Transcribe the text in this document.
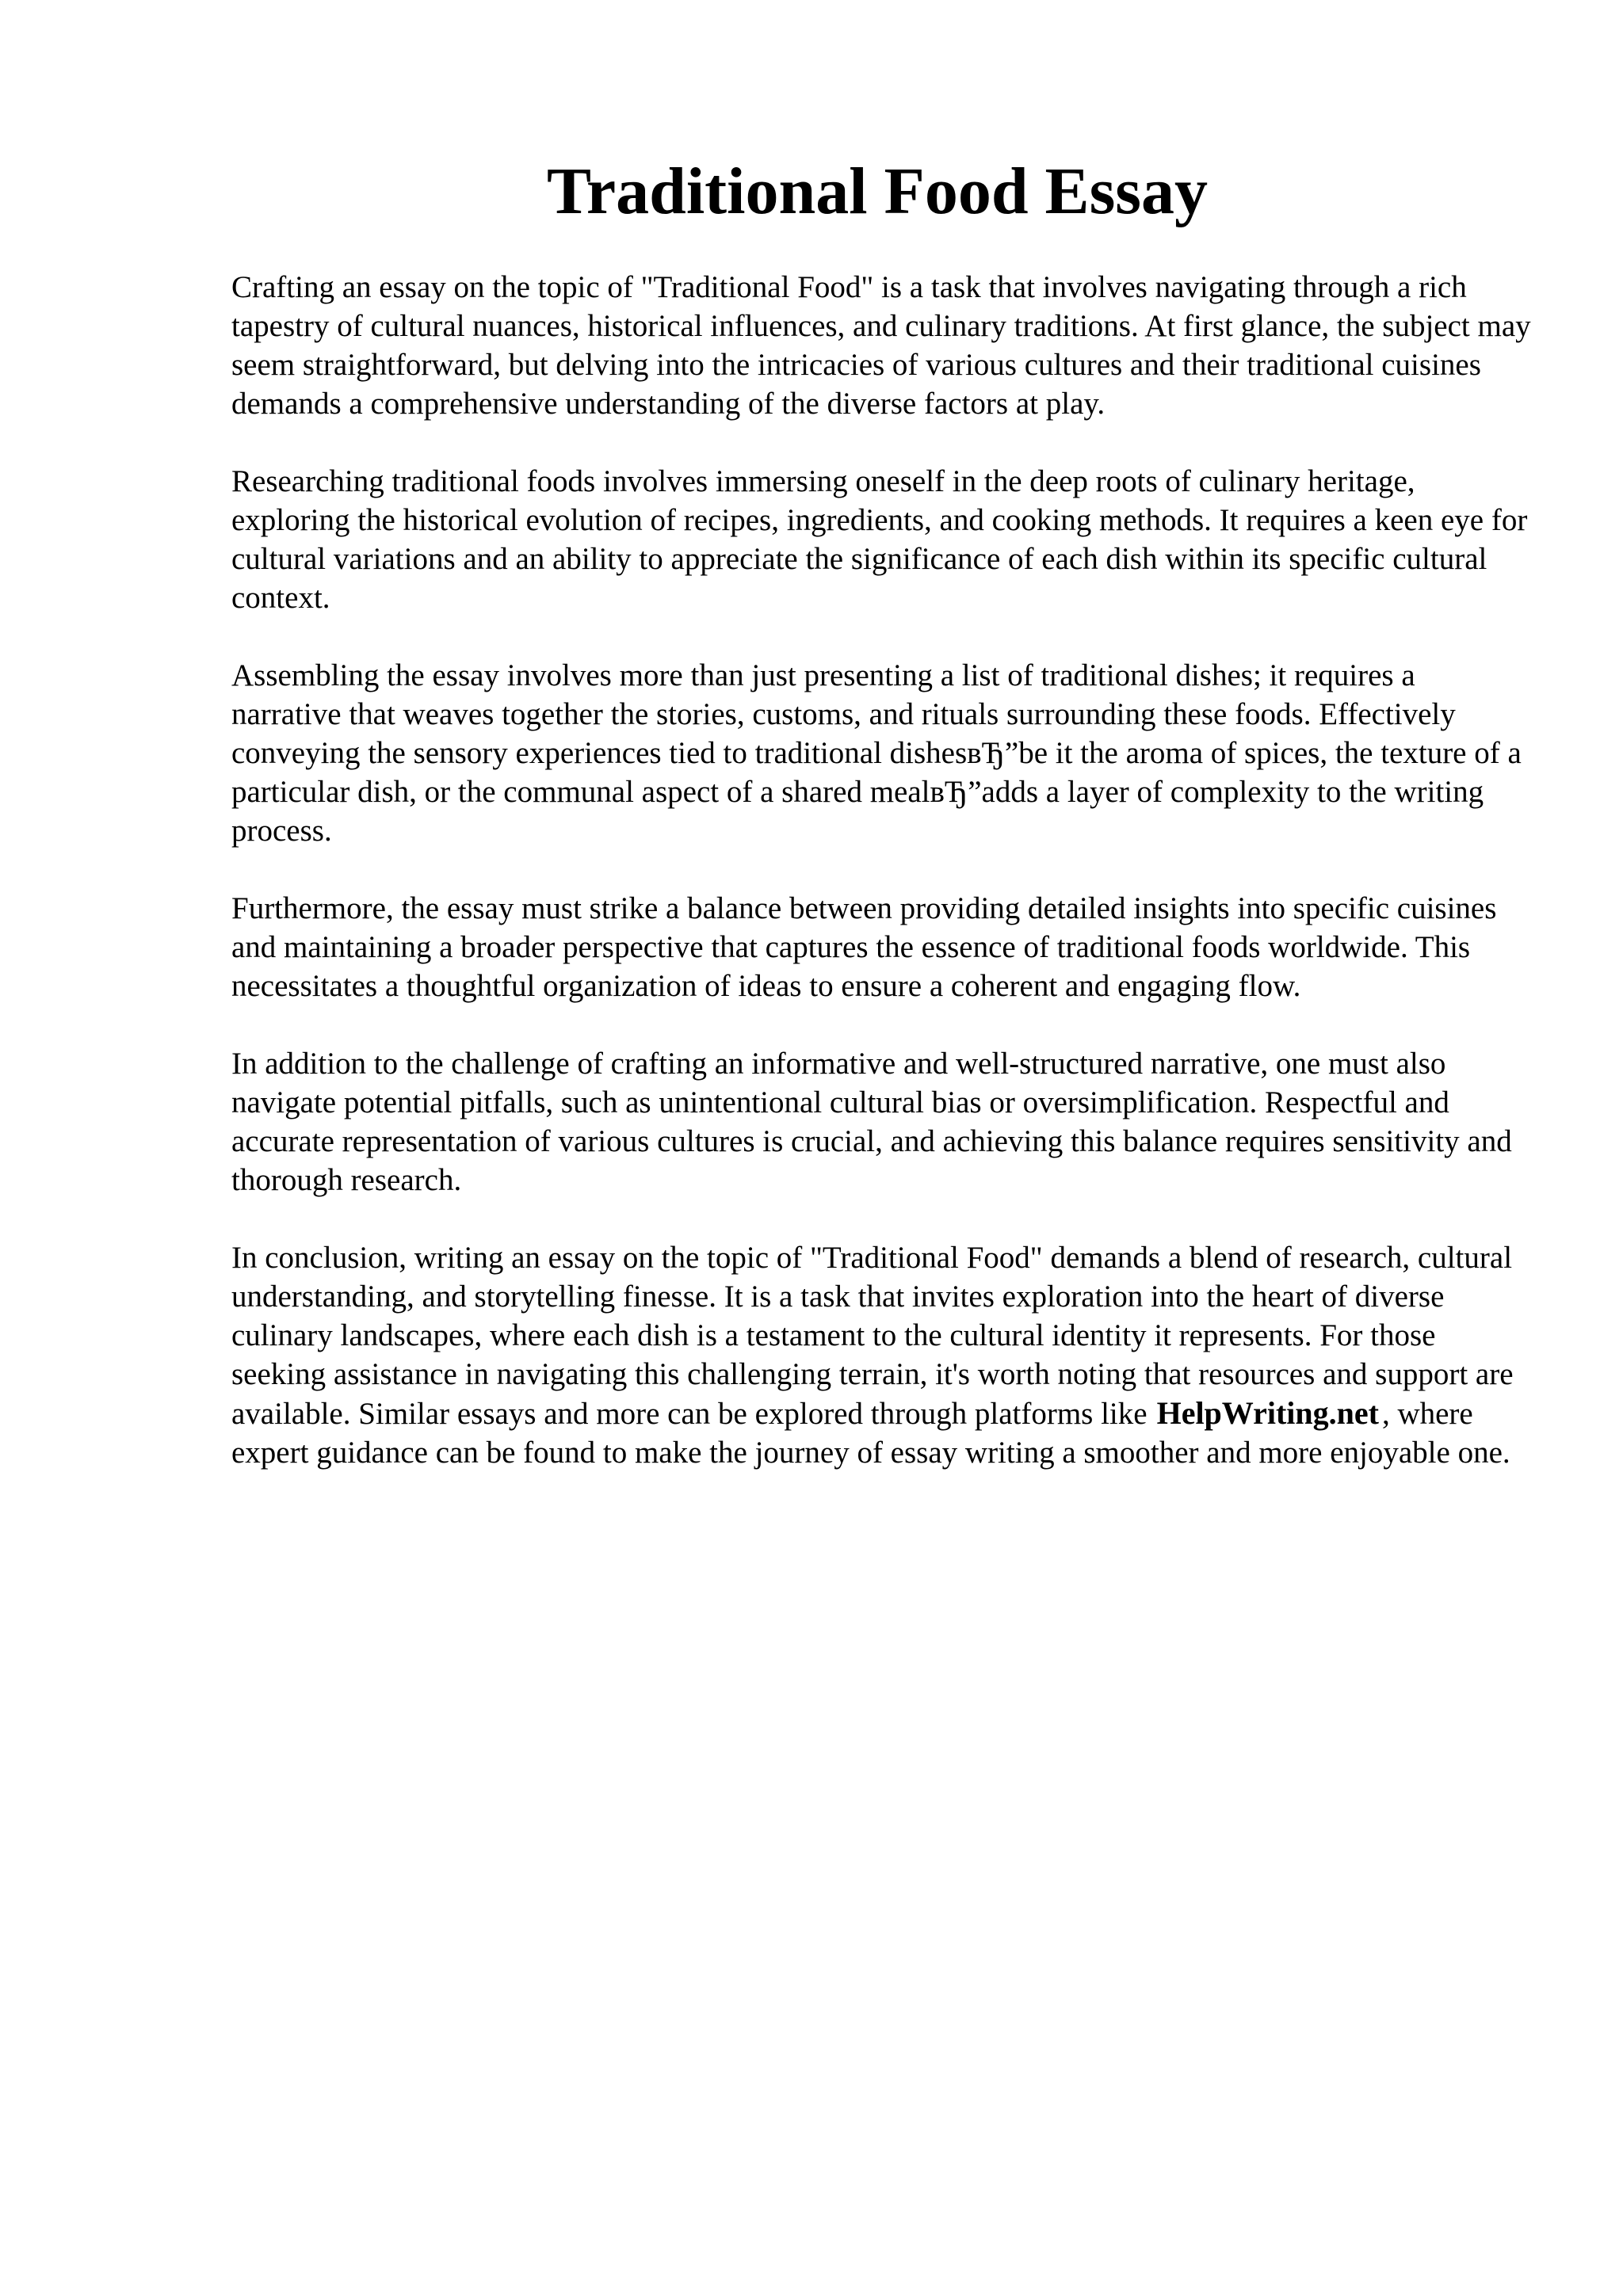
Traditional Food Essay

Crafting an essay on the topic of "Traditional Food" is a task that involves navigating through a rich tapestry of cultural nuances, historical influences, and culinary traditions. At first glance, the subject may seem straightforward, but delving into the intricacies of various cultures and their traditional cuisines demands a comprehensive understanding of the diverse factors at play.

Researching traditional foods involves immersing oneself in the deep roots of culinary heritage, exploring the historical evolution of recipes, ingredients, and cooking methods. It requires a keen eye for cultural variations and an ability to appreciate the significance of each dish within its specific cultural context.

Assembling the essay involves more than just presenting a list of traditional dishes; it requires a narrative that weaves together the stories, customs, and rituals surrounding these foods. Effectively conveying the sensory experiences tied to traditional dishesвЂ”be it the aroma of spices, the texture of a particular dish, or the communal aspect of a shared mealвЂ”adds a layer of complexity to the writing process.

Furthermore, the essay must strike a balance between providing detailed insights into specific cuisines and maintaining a broader perspective that captures the essence of traditional foods worldwide. This necessitates a thoughtful organization of ideas to ensure a coherent and engaging flow.

In addition to the challenge of crafting an informative and well-structured narrative, one must also navigate potential pitfalls, such as unintentional cultural bias or oversimplification. Respectful and accurate representation of various cultures is crucial, and achieving this balance requires sensitivity and thorough research.

In conclusion, writing an essay on the topic of "Traditional Food" demands a blend of research, cultural understanding, and storytelling finesse. It is a task that invites exploration into the heart of diverse culinary landscapes, where each dish is a testament to the cultural identity it represents. For those seeking assistance in navigating this challenging terrain, it's worth noting that resources and support are available. Similar essays and more can be explored through platforms like HelpWriting.net , where expert guidance can be found to make the journey of essay writing a smoother and more enjoyable one.
